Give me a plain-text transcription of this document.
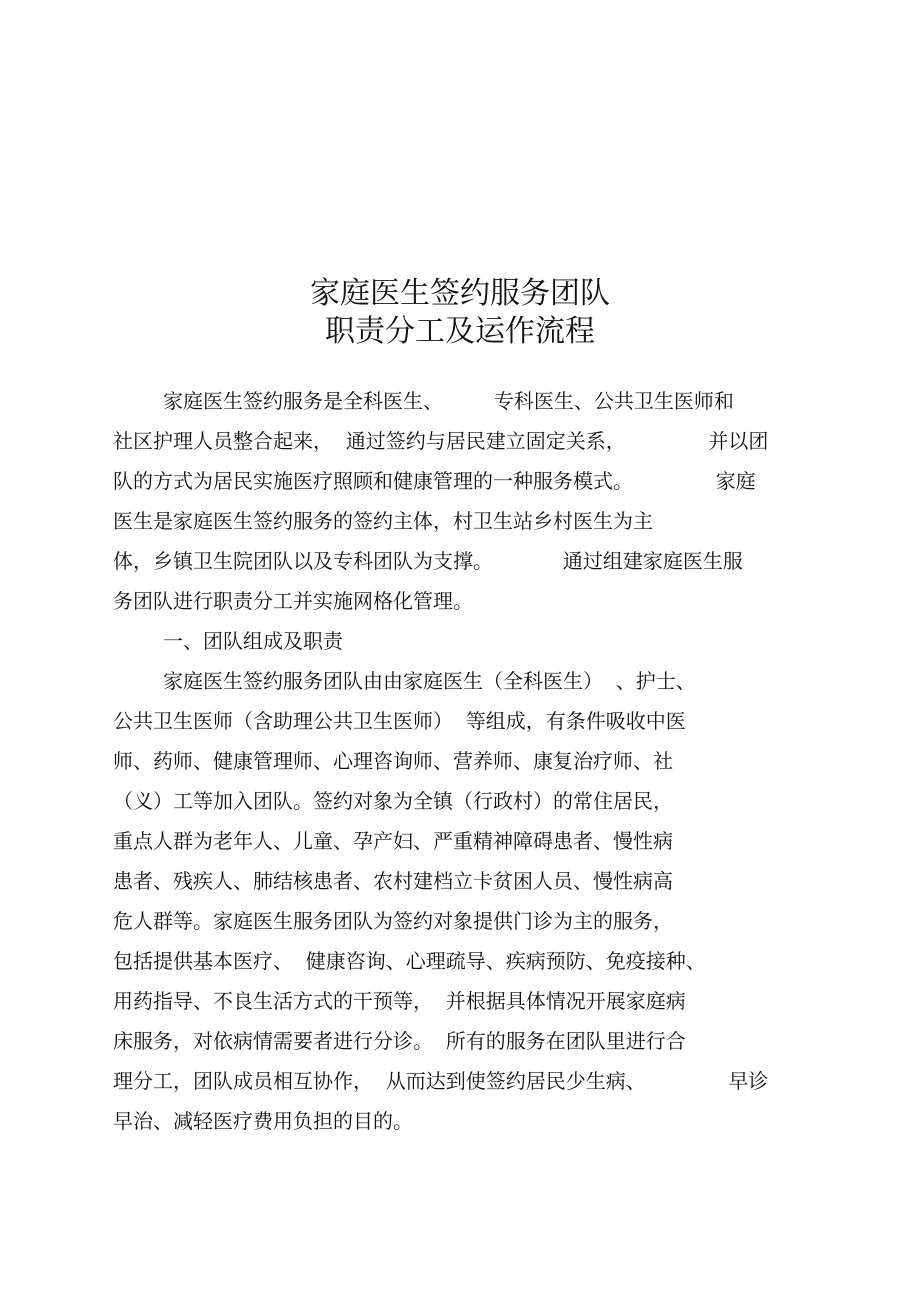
家庭医生签约服务团队
职责分工及运作流程
家庭医生签约服务是全科医生、        专科医生、公共卫生医师和
社区护理人员整合起来，  通过签约与居民建立固定关系，             并以团
队的方式为居民实施医疗照顾和健康管理的一种服务模式。             家庭
医生是家庭医生签约服务的签约主体，村卫生站乡村医生为主
体，乡镇卫生院团队以及专科团队为支撑。           通过组建家庭医生服
务团队进行职责分工并实施网格化管理。
一、团队组成及职责
家庭医生签约服务团队由由家庭医生（全科医生）  、护士、
公共卫生医师（含助理公共卫生医师）  等组成，有条件吸收中医
师、药师、健康管理师、心理咨询师、营养师、康复治疗师、社
（义）工等加入团队。签约对象为全镇（行政村）的常住居民，
重点人群为老年人、儿童、孕产妇、严重精神障碍患者、慢性病
患者、残疾人、肺结核患者、农村建档立卡贫困人员、慢性病高
危人群等。家庭医生服务团队为签约对象提供门诊为主的服务，
包括提供基本医疗、  健康咨询、心理疏导、疾病预防、免疫接种、
用药指导、不良生活方式的干预等，  并根据具体情况开展家庭病
床服务，对依病情需要者进行分诊。  所有的服务在团队里进行合
理分工，团队成员相互协作，  从而达到使签约居民少生病、             早诊
早治、减轻医疗费用负担的目的。
